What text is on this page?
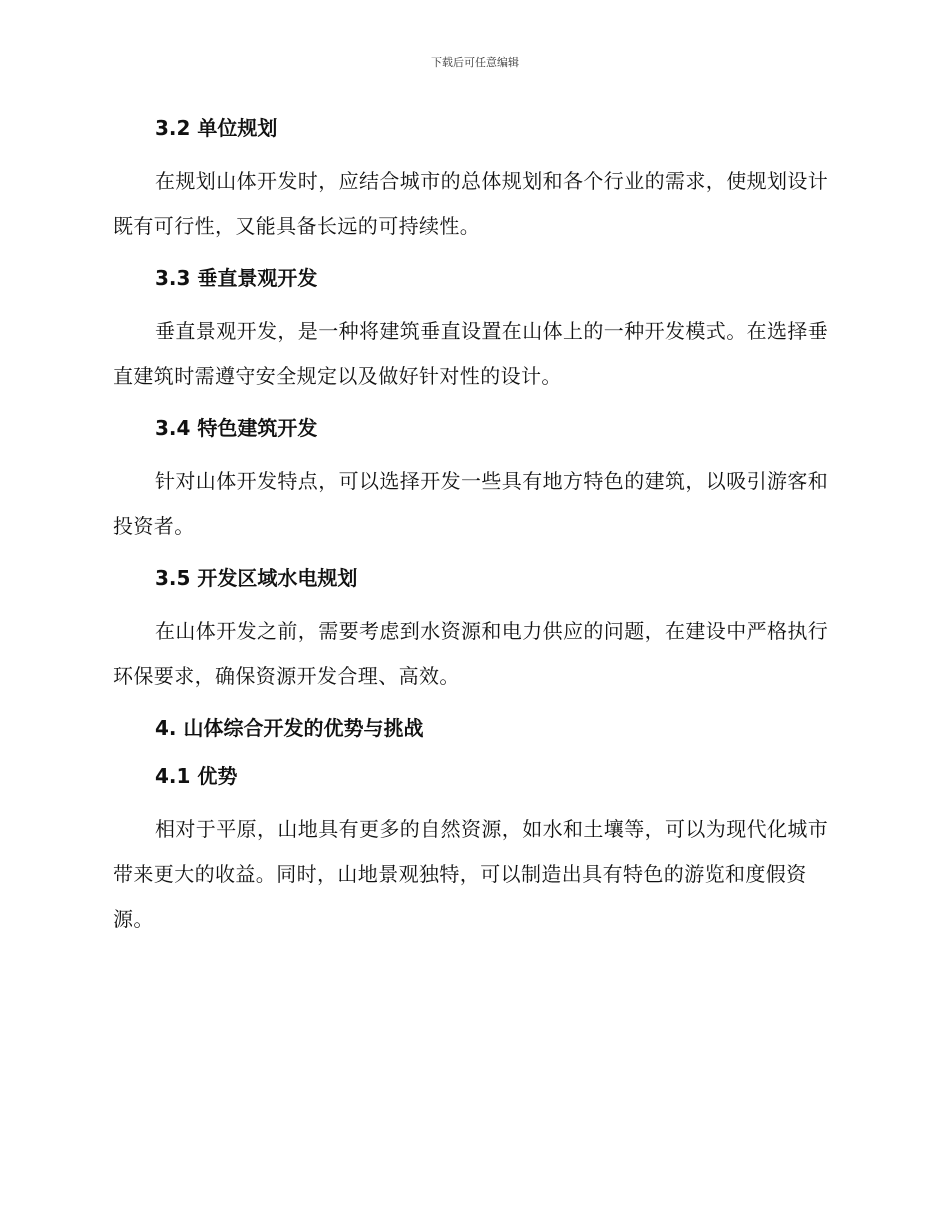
下载后可任意编辑
3.2 单位规划

在规划山体开发时，应结合城市的总体规划和各个行业的需求，使规划设计既有可行性，又能具备长远的可持续性。

3.3 垂直景观开发

垂直景观开发，是一种将建筑垂直设置在山体上的一种开发模式。在选择垂直建筑时需遵守安全规定以及做好针对性的设计。

3.4 特色建筑开发

针对山体开发特点，可以选择开发一些具有地方特色的建筑，以吸引游客和投资者。

3.5 开发区域水电规划

在山体开发之前，需要考虑到水资源和电力供应的问题，在建设中严格执行环保要求，确保资源开发合理、高效。

4. 山体综合开发的优势与挑战
4.1 优势

相对于平原，山地具有更多的自然资源，如水和土壤等，可以为现代化城市带来更大的收益。同时，山地景观独特，可以制造出具有特色的游览和度假资源。
